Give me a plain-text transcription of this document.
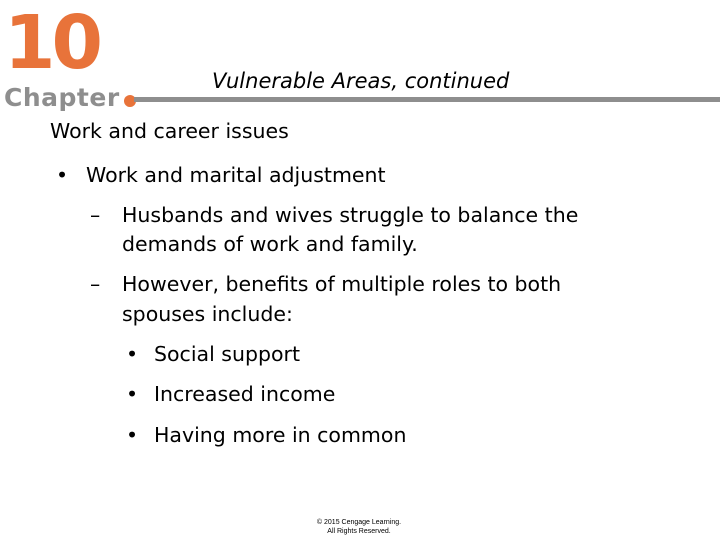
10
Chapter
Vulnerable Areas, continued
Work and career issues
• Work and marital adjustment
– Husbands and wives struggle to balance the
demands of work and family.
– However, benefits of multiple roles to both
spouses include:
• Social support
• Increased income
• Having more in common
© 2015 Cengage Learning.
All Rights Reserved.
